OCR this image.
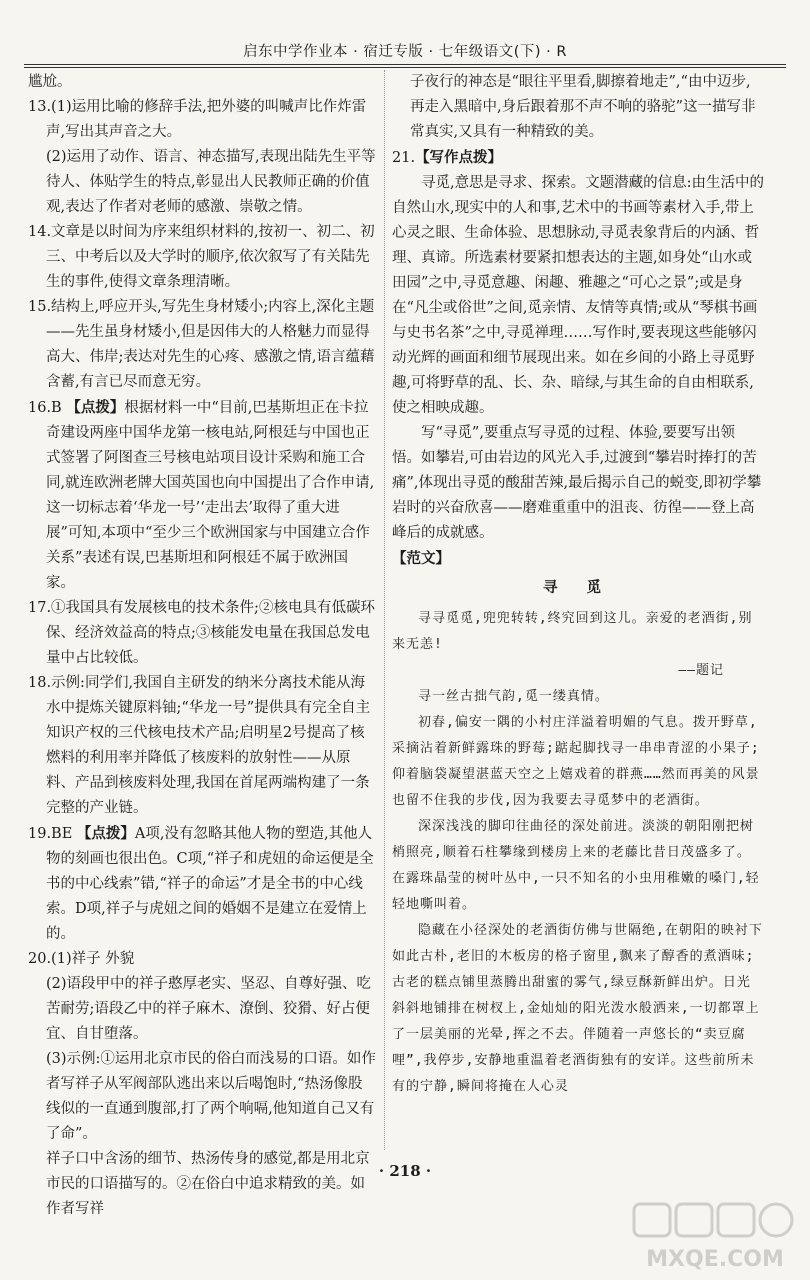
启东中学作业本 · 宿迁专版 · 七年级语文(下) · R

尴尬。

13.(1)运用比喻的修辞手法,把外婆的叫喊声比作炸雷声,写出其声音之大。

(2)运用了动作、语言、神态描写,表现出陆先生平等待人、体贴学生的特点,彰显出人民教师正确的价值观,表达了作者对老师的感激、崇敬之情。

14.文章是以时间为序来组织材料的,按初一、初二、初三、中考后以及大学时的顺序,依次叙写了有关陆先生的事件,使得文章条理清晰。

15.结构上,呼应开头,写先生身材矮小;内容上,深化主题——先生虽身材矮小,但是因伟大的人格魅力而显得高大、伟岸;表达对先生的心疼、感激之情,语言蕴藉含蓄,有言已尽而意无穷。

16.B 【点拨】根据材料一中“目前,巴基斯坦正在卡拉奇建设两座中国华龙第一核电站,阿根廷与中国也正式签署了阿图查三号核电站项目设计采购和施工合同,就连欧洲老牌大国英国也向中国提出了合作申请,这一切标志着‘华龙一号’‘走出去’取得了重大进展”可知,本项中“至少三个欧洲国家与中国建立合作关系”表述有误,巴基斯坦和阿根廷不属于欧洲国家。

17.①我国具有发展核电的技术条件;②核电具有低碳环保、经济效益高的特点;③核能发电量在我国总发电量中占比较低。

18.示例:同学们,我国自主研发的纳米分离技术能从海水中提炼关键原料铀;“华龙一号”提供具有完全自主知识产权的三代核电技术产品;启明星2号提高了核燃料的利用率并降低了核废料的放射性——从原料、产品到核废料处理,我国在首尾两端构建了一条完整的产业链。

19.BE 【点拨】A项,没有忽略其他人物的塑造,其他人物的刻画也很出色。C项,“祥子和虎妞的命运便是全书的中心线索”错,“祥子的命运”才是全书的中心线索。D项,祥子与虎妞之间的婚姻不是建立在爱情上的。

20.(1)祥子 外貌

(2)语段甲中的祥子憨厚老实、坚忍、自尊好强、吃苦耐劳;语段乙中的祥子麻木、潦倒、狡猾、好占便宜、自甘堕落。

(3)示例:①运用北京市民的俗白而浅易的口语。如作者写祥子从军阀部队逃出来以后喝饱时,“热汤像股线似的一直通到腹部,打了两个响嗝,他知道自己又有了命”。

祥子口中含汤的细节、热汤传身的感觉,都是用北京市民的口语描写的。②在俗白中追求精致的美。如作者写祥

子夜行的神态是“眼往平里看,脚擦着地走”,“由中迈步,再走入黑暗中,身后跟着那不声不响的骆驼”这一描写非常真实,又具有一种精致的美。

21.【写作点拨】

寻觅,意思是寻求、探索。文题潜藏的信息:由生活中的自然山水,现实中的人和事,艺术中的书画等素材入手,带上心灵之眼、生命体验、思想脉动,寻觅表象背后的内涵、哲理、真谛。所选素材要紧扣想表达的主题,如身处“山水或田园”之中,寻觅意趣、闲趣、雅趣之“可心之景”;或是身在“凡尘或俗世”之间,觅亲情、友情等真情;或从“琴棋书画与史书名茶”之中,寻觅禅理……写作时,要表现这些能够闪动光辉的画面和细节展现出来。如在乡间的小路上寻觅野趣,可将野草的乱、长、杂、暗绿,与其生命的自由相联系,使之相映成趣。

写“寻觅”,要重点写寻觅的过程、体验,要要写出领悟。如攀岩,可由岩边的风光入手,过渡到“攀岩时捧打的苦痛”,体现出寻觅的酸甜苦辣,最后揭示自己的蜕变,即初学攀岩时的兴奋欣喜——磨难重重中的沮丧、彷徨——登上高峰后的成就感。

【范文】

寻 觅

寻寻觅觅,兜兜转转,终究回到这儿。亲爱的老酒街,别来无恙!

——题记

寻一丝古拙气韵,觅一缕真情。

初春,偏安一隅的小村庄洋溢着明媚的气息。拨开野草,采摘沾着新鲜露珠的野莓;踮起脚找寻一串串青涩的小果子;仰着脑袋凝望湛蓝天空之上嬉戏着的群燕……然而再美的风景也留不住我的步伐,因为我要去寻觅梦中的老酒街。

深深浅浅的脚印往曲径的深处前进。淡淡的朝阳刚把树梢照亮,顺着石柱攀缘到楼房上来的老藤比昔日茂盛多了。在露珠晶莹的树叶丛中,一只不知名的小虫用稚嫩的嗓门,轻轻地嘶叫着。

隐藏在小径深处的老酒街仿佛与世隔绝,在朝阳的映衬下如此古朴,老旧的木板房的格子窗里,飘来了醇香的煮酒味;古老的糕点铺里蒸腾出甜蜜的雾气,绿豆酥新鲜出炉。日光斜斜地铺排在树杈上,金灿灿的阳光泼水般洒来,一切都罩上了一层美丽的光晕,挥之不去。伴随着一声悠长的“卖豆腐哩”,我停步,安静地重温着老酒街独有的安详。这些前所未有的宁静,瞬间将掩在人心灵

· 218 ·
MXQE.COM
